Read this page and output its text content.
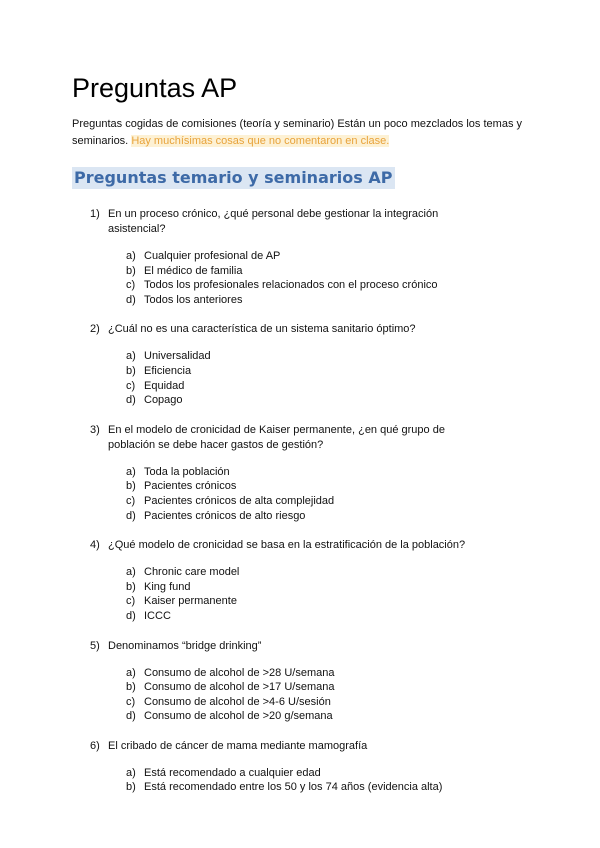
Preguntas AP
Preguntas cogidas de comisiones (teoría y seminario) Están un poco mezclados los temas y seminarios. Hay muchísimas cosas que no comentaron en clase.
Preguntas temario y seminarios AP
1) En un proceso crónico, ¿qué personal debe gestionar la integración asistencial?
a) Cualquier profesional de AP
b) El médico de familia
c) Todos los profesionales relacionados con el proceso crónico
d) Todos los anteriores
2) ¿Cuál no es una característica de un sistema sanitario óptimo?
a) Universalidad
b) Eficiencia
c) Equidad
d) Copago
3) En el modelo de cronicidad de Kaiser permanente, ¿en qué grupo de población se debe hacer gastos de gestión?
a) Toda la población
b) Pacientes crónicos
c) Pacientes crónicos de alta complejidad
d) Pacientes crónicos de alto riesgo
4) ¿Qué modelo de cronicidad se basa en la estratificación de la población?
a) Chronic care model
b) King fund
c) Kaiser permanente
d) ICCC
5) Denominamos “bridge drinking”
a) Consumo de alcohol de >28 U/semana
b) Consumo de alcohol de >17 U/semana
c) Consumo de alcohol de >4-6 U/sesión
d) Consumo de alcohol de >20 g/semana
6) El cribado de cáncer de mama mediante mamografía
a) Está recomendado a cualquier edad
b) Está recomendado entre los 50 y los 74 años (evidencia alta)
